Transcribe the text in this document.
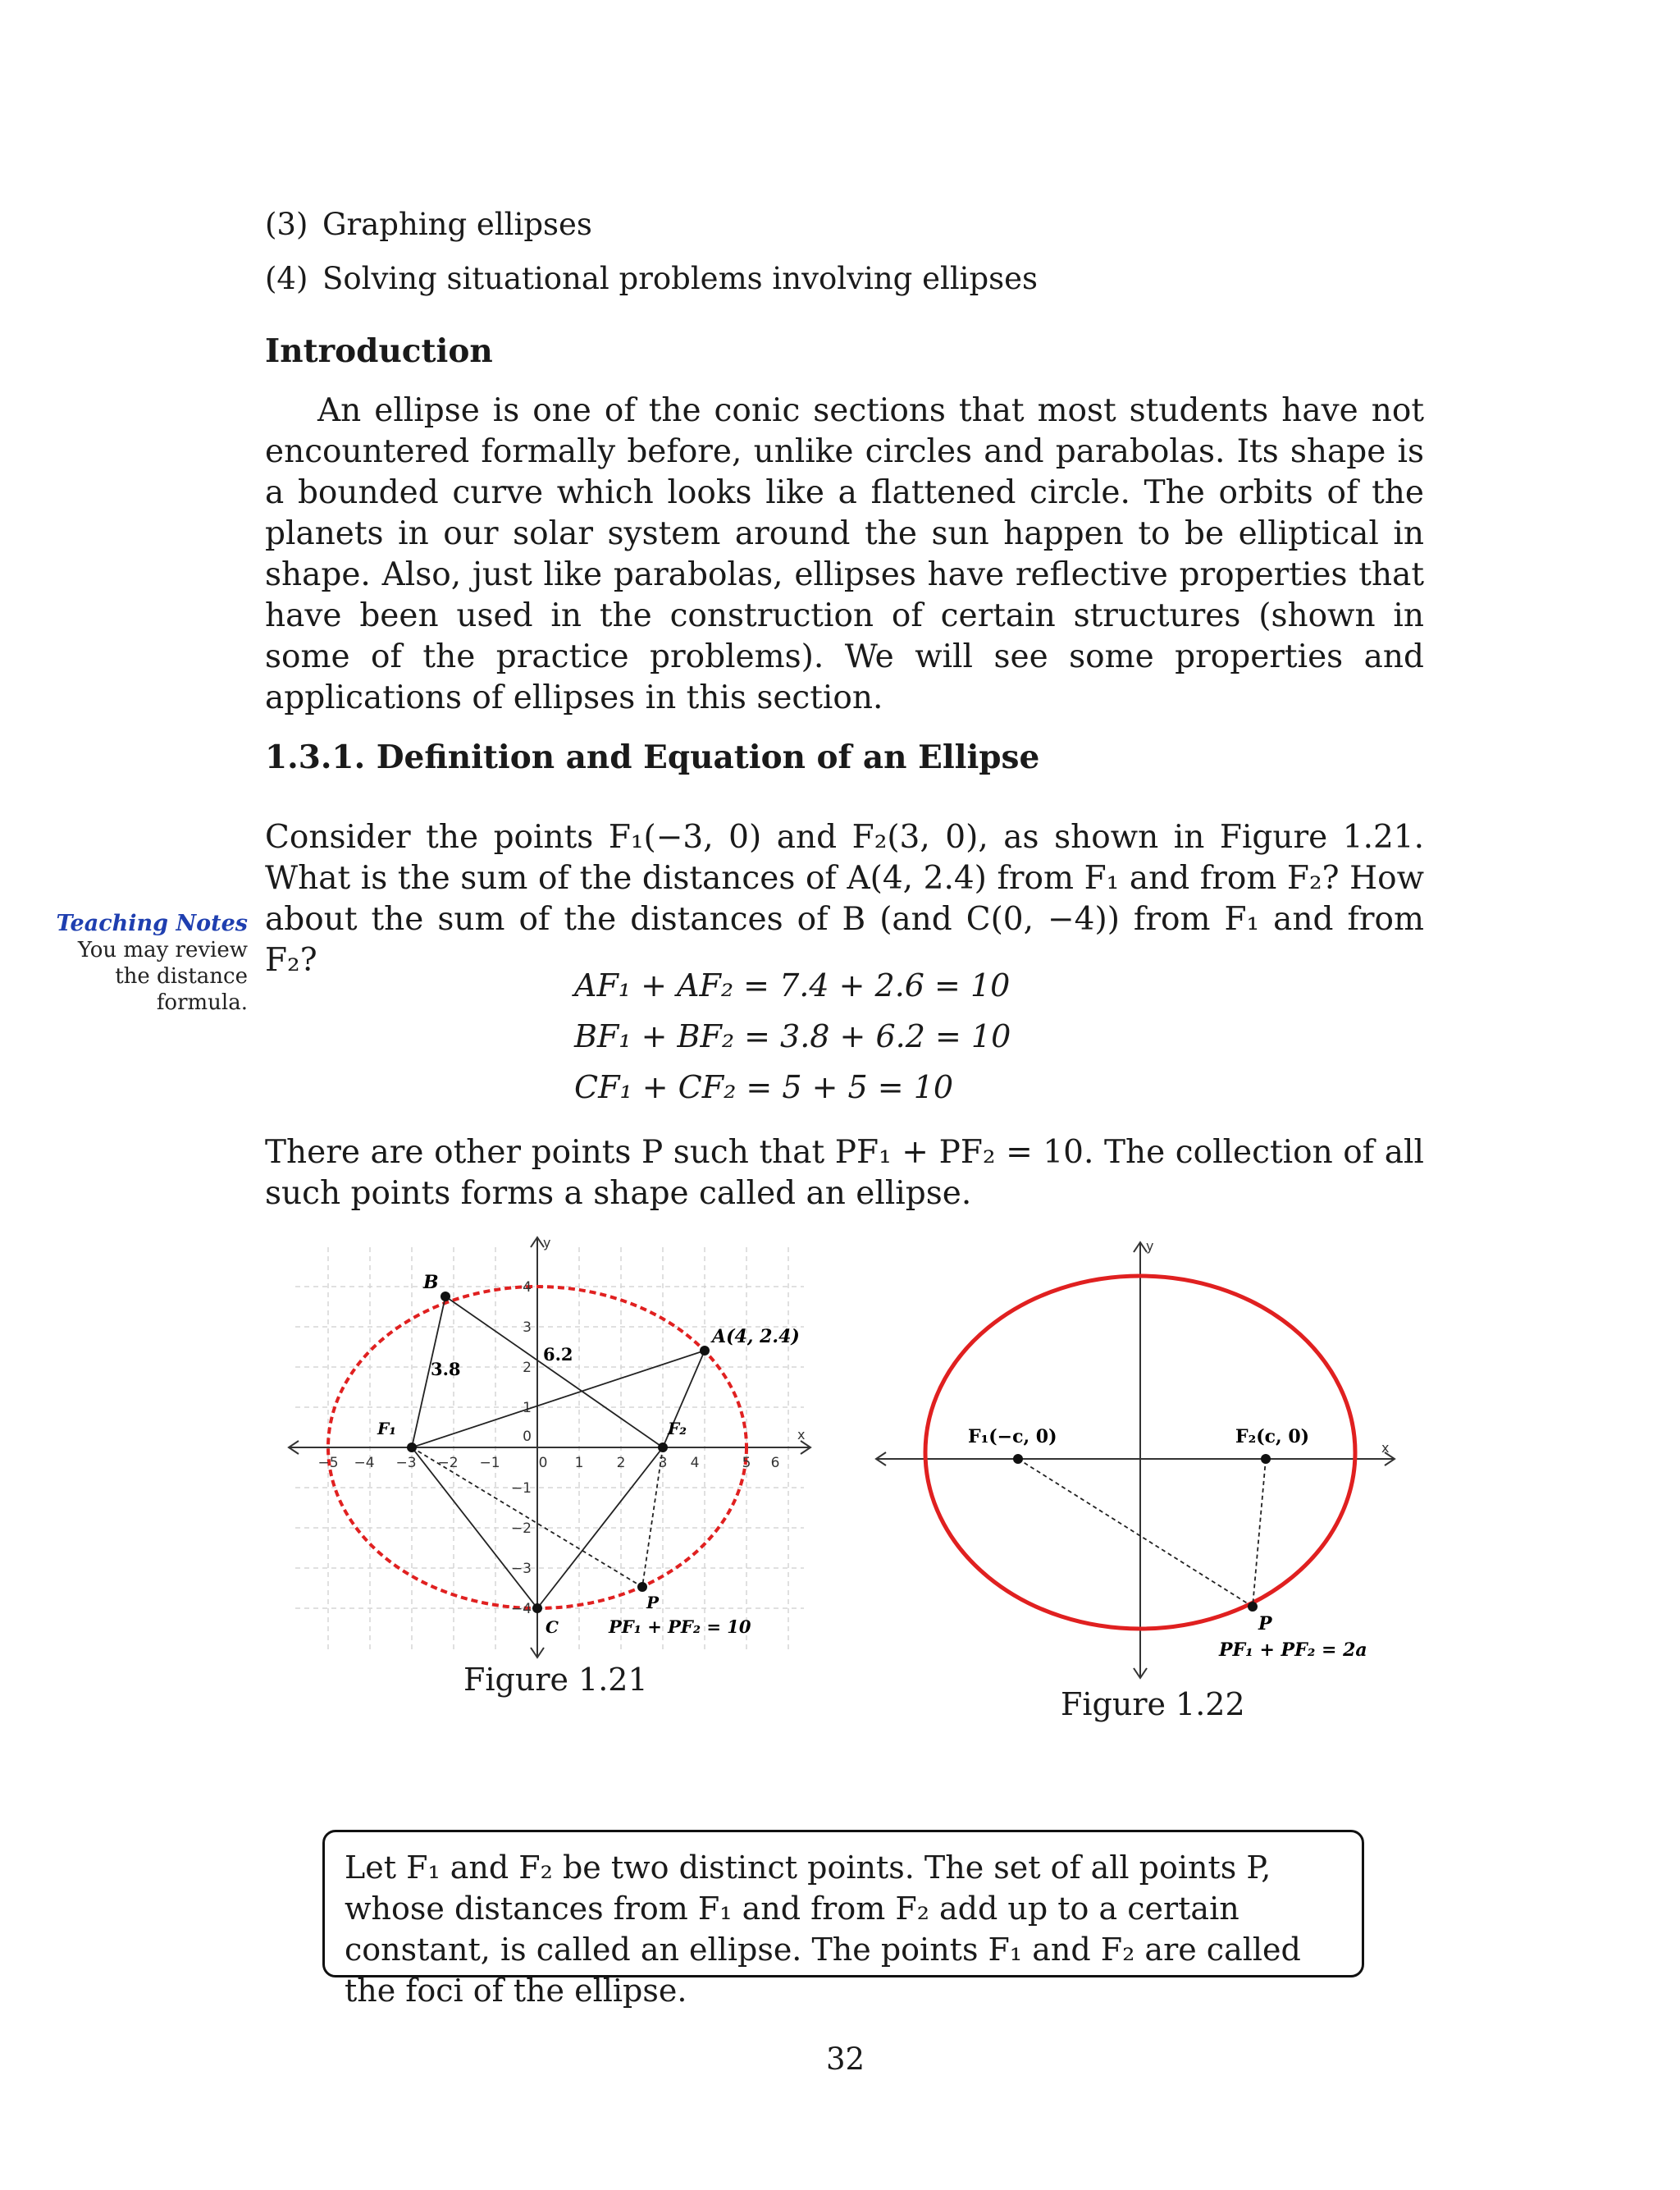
(3) Graphing ellipses
(4) Solving situational problems involving ellipses
Introduction

An ellipse is one of the conic sections that most students have not encountered formally before, unlike circles and parabolas. Its shape is a bounded curve which looks like a flattened circle. The orbits of the planets in our solar system around the sun happen to be elliptical in shape. Also, just like parabolas, ellipses have reflective properties that have been used in the construction of certain structures (shown in some of the practice problems). We will see some properties and applications of ellipses in this section.

1.3.1. Definition and Equation of an Ellipse

Consider the points F₁(−3, 0) and F₂(3, 0), as shown in Figure 1.21. What is the sum of the distances of A(4, 2.4) from F₁ and from F₂? How about the sum of the distances of B (and C(0, −4)) from F₁ and from F₂?

Teaching Notes
You may review the distance formula.	AF₁ + AF₂ = 7.4 + 2.6 = 10
BF₁ + BF₂ = 3.8 + 6.2 = 10
CF₁ + CF₂ = 5 + 5 = 10

There are other points P such that PF₁ + PF₂ = 10. The collection of all such points forms a shape called an ellipse.

−5 −4 −3 −2 −1	0 1 2 3 4	5 6
4
3
2
1
0
−1
−2
−3
−4
x
y
B
A(4, 2.4)
F₁	F₂
C
P
3.8
6.2
PF₁ + PF₂ = 10
Figure 1.21
x
y
F₁(−c, 0)	F₂(c, 0)
P
PF₁ + PF₂ = 2a
Figure 1.22
Let F₁ and F₂ be two distinct points. The set of all points P, whose distances from F₁ and from F₂ add up to a certain constant, is called an ellipse. The points F₁ and F₂ are called the foci of the ellipse.
32
